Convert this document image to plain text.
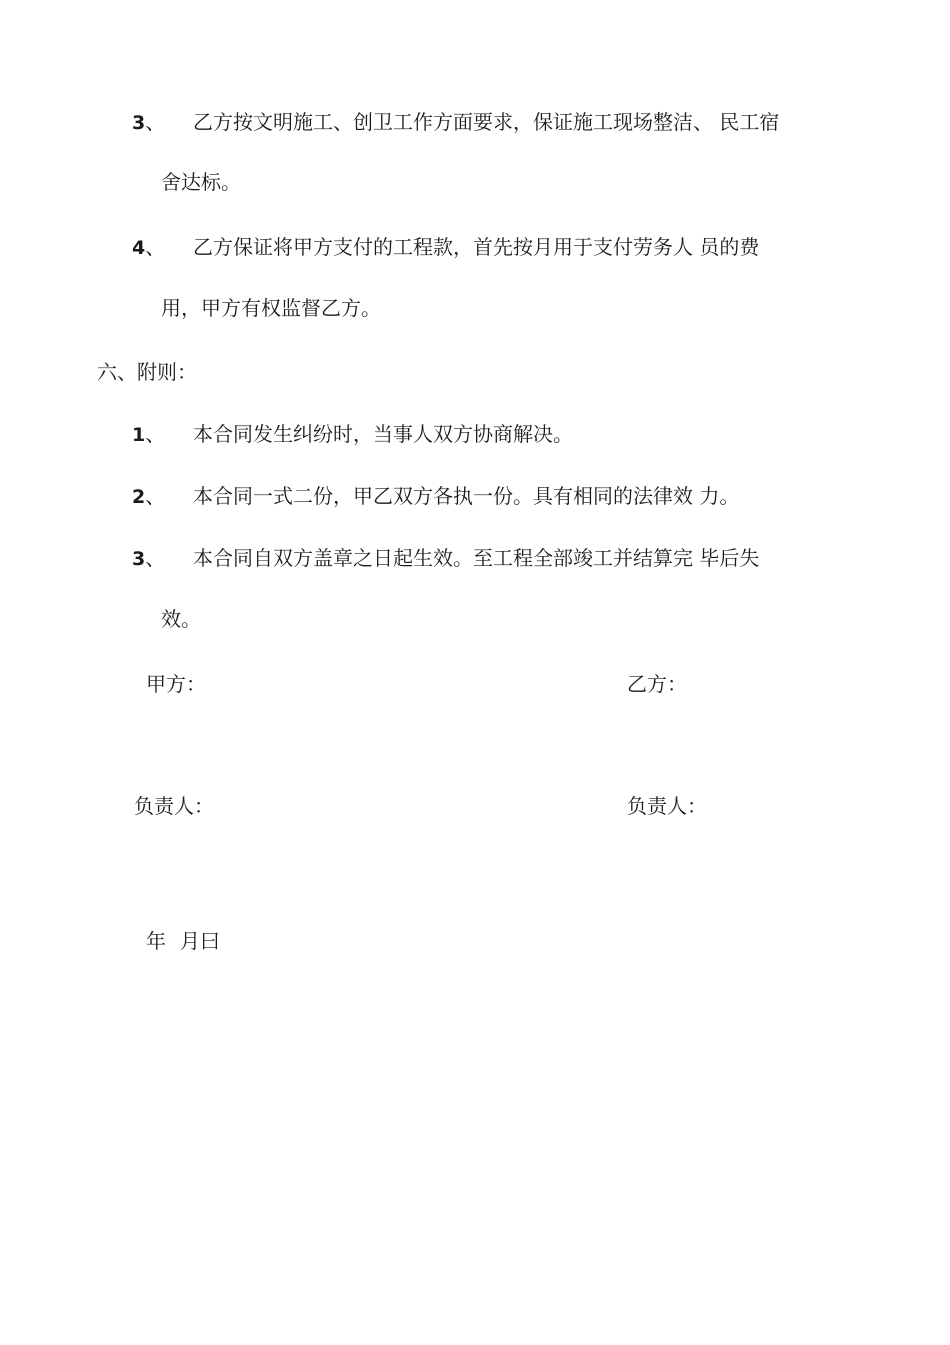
3、 乙方按文明施工、创卫工作方面要求，保证施工现场整洁、 民工宿
舍达标。
4、 乙方保证将甲方支付的工程款，首先按月用于支付劳务人 员的费
用，甲方有权监督乙方。
六、附则：
1、 本合同发生纠纷时，当事人双方协商解决。
2、 本合同一式二份，甲乙双方各执一份。具有相同的法律效 力。
3、 本合同自双方盖章之日起生效。至工程全部竣工并结算完 毕后失
效。
甲方：	乙方：
负责人：	负责人：
年 月曰
